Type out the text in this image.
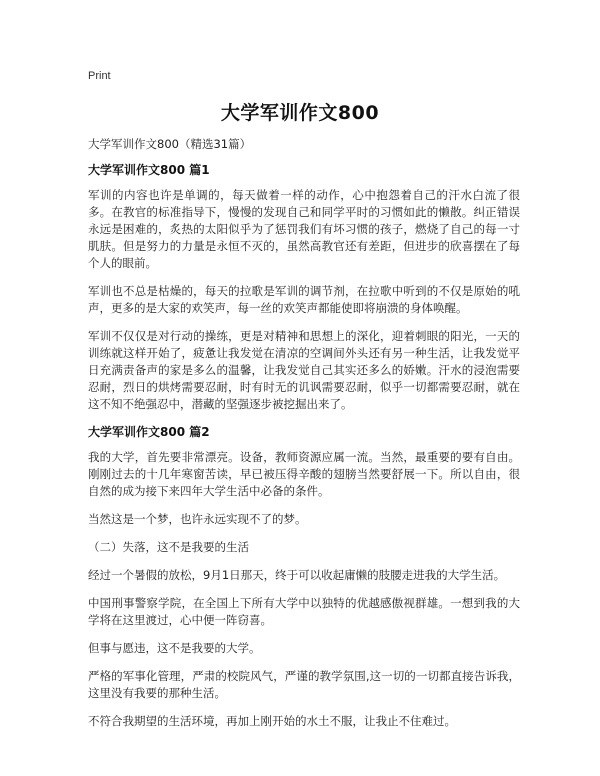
Print
大学军训作文800

大学军训作文800（精选31篇）

大学军训作文800 篇1

军训的内容也许是单调的，每天做着一样的动作，心中抱怨着自己的汗水白流了很多。在教官的标准指导下，慢慢的发现自己和同学平时的习惯如此的懒散。纠正错误永远是困难的，炙热的太阳似乎为了惩罚我们有坏习惯的孩子，燃烧了自己的每一寸肌肤。但是努力的力量是永恒不灭的，虽然高教官还有差距，但进步的欣喜摆在了每个人的眼前。

军训也不总是枯燥的，每天的拉歌是军训的调节剂，在拉歌中听到的不仅是原始的吼声，更多的是大家的欢笑声，每一丝的欢笑声都能使即将崩溃的身体唤醒。

军训不仅仅是对行动的操练，更是对精神和思想上的深化，迎着刺眼的阳光，一天的训练就这样开始了，疲惫让我发觉在清凉的空调间外头还有另一种生活，让我发觉平日充满责备声的家是多么的温馨，让我发觉自己其实还多么的娇嫩。汗水的浸泡需要忍耐，烈日的烘烤需要忍耐，时有时无的讥讽需要忍耐，似乎一切都需要忍耐，就在这不知不绝强忍中，潜藏的坚强逐步被挖掘出来了。

大学军训作文800 篇2

我的大学，首先要非常漂亮。设备，教师资源应属一流。当然，最重要的要有自由。刚刚过去的十几年寒窗苦读，早已被压得辛酸的翅膀当然要舒展一下。所以自由，很自然的成为接下来四年大学生活中必备的条件。

当然这是一个梦，也许永远实现不了的梦。

（二）失落，这不是我要的生活

经过一个暑假的放松，9月1日那天，终于可以收起庸懒的肢腰走进我的大学生活。

中国刑事警察学院，在全国上下所有大学中以独特的优越感傲视群雄。一想到我的大学将在这里渡过，心中便一阵窃喜。

但事与愿违，这不是我要的大学。

严格的军事化管理，严肃的校院风气，严谨的教学氛围,这一切的一切都直接告诉我，这里没有我要的那种生活。

不符合我期望的生活环境，再加上刚开始的水土不服，让我止不住难过。
